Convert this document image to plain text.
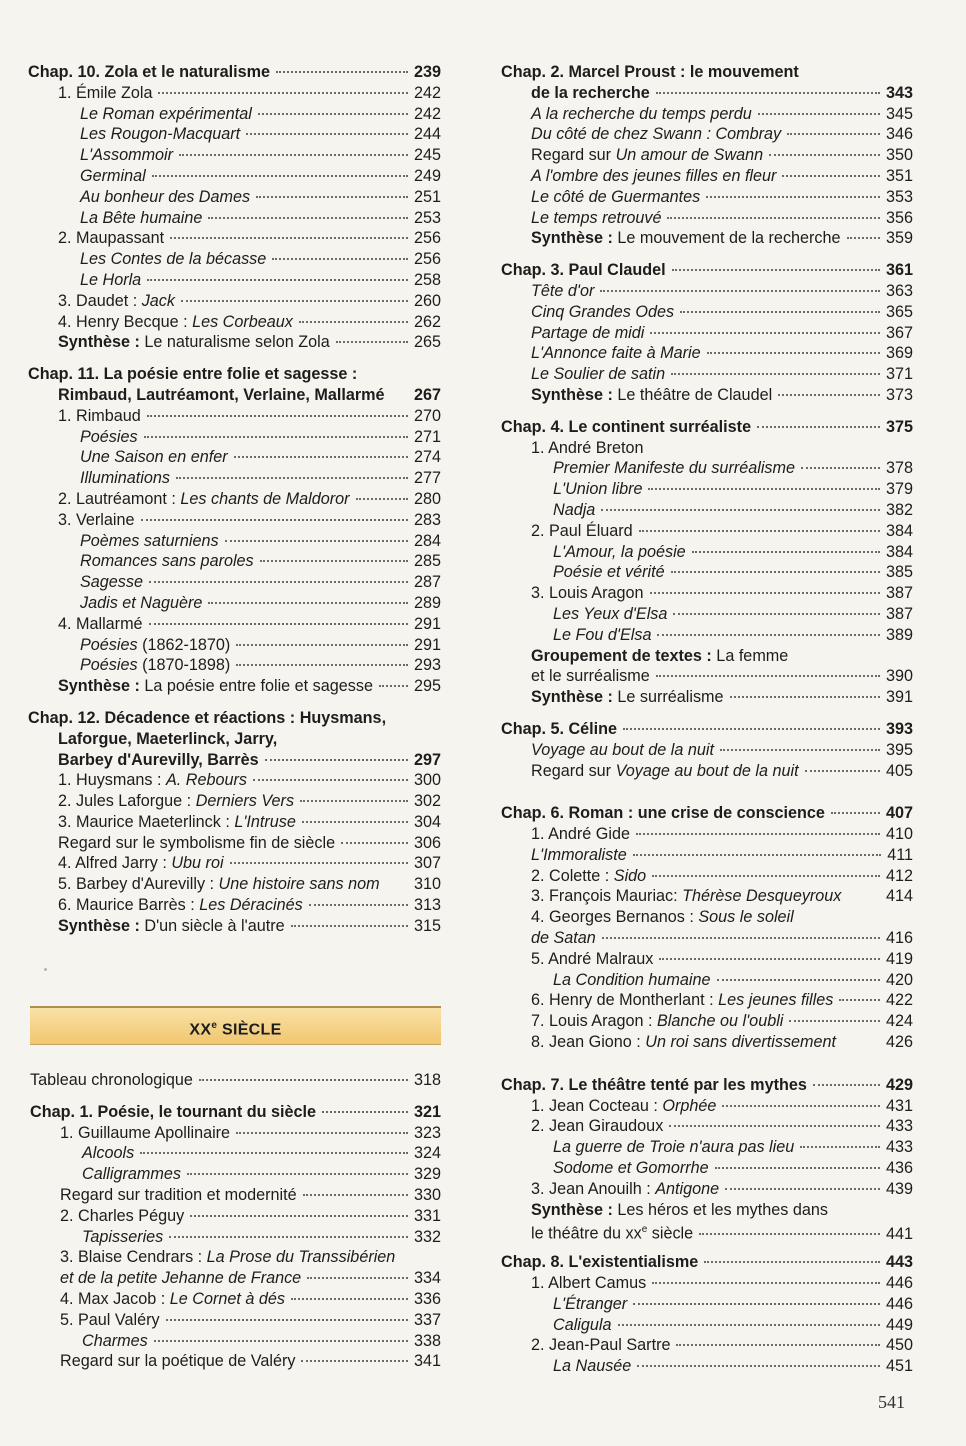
Chap. 10. Zola et le naturalisme	239
1. Émile Zola	242
Le Roman expérimental	242
Les Rougon-Macquart	244
L'Assommoir	245
Germinal	249
Au bonheur des Dames	251
La Bête humaine	253
2. Maupassant	256
Les Contes de la bécasse	256
Le Horla	258
3. Daudet : Jack	260
4. Henry Becque : Les Corbeaux	262
Synthèse : Le naturalisme selon Zola	265
Chap. 11. La poésie entre folie et sagesse :
Rimbaud, Lautréamont, Verlaine, Mallarmé 267
1. Rimbaud	270
Poésies	271
Une Saison en enfer	274
Illuminations	277
2. Lautréamont : Les chants de Maldoror	280
3. Verlaine	283
Poèmes saturniens	284
Romances sans paroles	285
Sagesse	287
Jadis et Naguère	289
4. Mallarmé	291
Poésies (1862-1870)	291
Poésies (1870-1898)	293
Synthèse : La poésie entre folie et sagesse	295
Chap. 12. Décadence et réactions : Huysmans,
Laforgue, Maeterlinck, Jarry,
Barbey d'Aurevilly, Barrès	297
1. Huysmans : A. Rebours	300
2. Jules Laforgue : Derniers Vers	302
3. Maurice Maeterlinck : L'Intruse	304
Regard sur le symbolisme fin de siècle	306
4. Alfred Jarry : Ubu roi	307
5. Barbey d'Aurevilly : Une histoire sans nom 310
6. Maurice Barrès : Les Déracinés	313
Synthèse : D'un siècle à l'autre	315
XXe SIÈCLE
Tableau chronologique	318
Chap. 1. Poésie, le tournant du siècle	321
1. Guillaume Apollinaire	323
Alcools	324
Calligrammes	329
Regard sur tradition et modernité	330
2. Charles Péguy	331
Tapisseries	332
3. Blaise Cendrars : La Prose du Transsibérien
et de la petite Jehanne de France	334
4. Max Jacob : Le Cornet à dés	336
5. Paul Valéry	337
Charmes	338
Regard sur la poétique de Valéry	341
Chap. 2. Marcel Proust : le mouvement
de la recherche	343
A la recherche du temps perdu	345
Du côté de chez Swann : Combray	346
Regard sur Un amour de Swann	350
A l'ombre des jeunes filles en fleur	351
Le côté de Guermantes	353
Le temps retrouvé	356
Synthèse : Le mouvement de la recherche	359
Chap. 3. Paul Claudel	361
Tête d'or	363
Cinq Grandes Odes	365
Partage de midi	367
L'Annonce faite à Marie	369
Le Soulier de satin	371
Synthèse : Le théâtre de Claudel	373
Chap. 4. Le continent surréaliste	375
1. André Breton
Premier Manifeste du surréalisme	378
L'Union libre	379
Nadja	382
2. Paul Éluard	384
L'Amour, la poésie	384
Poésie et vérité	385
3. Louis Aragon	387
Les Yeux d'Elsa	387
Le Fou d'Elsa	389
Groupement de textes : La femme
et le surréalisme	390
Synthèse : Le surréalisme	391
Chap. 5. Céline	393
Voyage au bout de la nuit	395
Regard sur Voyage au bout de la nuit	405
Chap. 6. Roman : une crise de conscience	407
1. André Gide	410
L'Immoraliste	411
2. Colette : Sido	412
3. François Mauriac: Thérèse Desqueyroux	414
4. Georges Bernanos : Sous le soleil
de Satan	416
5. André Malraux	419
La Condition humaine	420
6. Henry de Montherlant : Les jeunes filles	422
7. Louis Aragon : Blanche ou l'oubli	424
8. Jean Giono : Un roi sans divertissement	426
Chap. 7. Le théâtre tenté par les mythes	429
1. Jean Cocteau : Orphée	431
2. Jean Giraudoux	433
La guerre de Troie n'aura pas lieu	433
Sodome et Gomorrhe	436
3. Jean Anouilh : Antigone	439
Synthèse : Les héros et les mythes dans
le théâtre du $xx^e$ siècle	441
Chap. 8. L'existentialisme	443
1. Albert Camus	446
L'Étranger	446
Caligula	449
2. Jean-Paul Sartre	450
La Nausée	451
541
